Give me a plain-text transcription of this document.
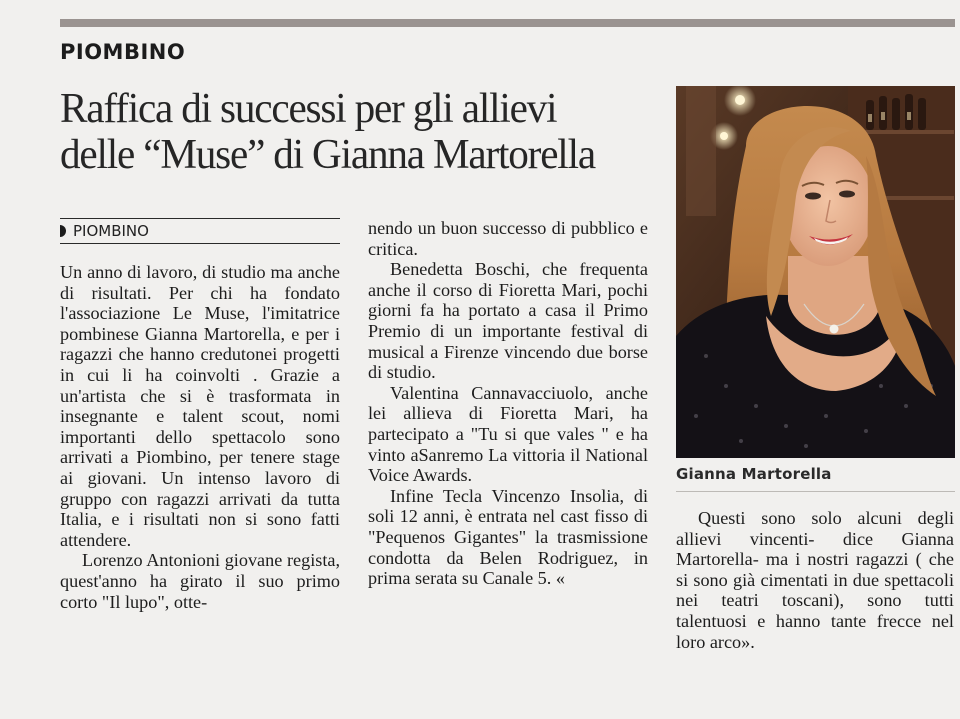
PIOMBINO
Raffica di successi per gli allievi
delle “Muse” di Gianna Martorella
PIOMBINO

Un anno di lavoro, di studio ma anche di risultati. Per chi ha fondato l'associazione Le Muse, l'imitatrice pombinese Gianna Martorella, e per i ragazzi che hanno credutonei progetti in cui li ha coinvolti . Grazie a un'artista che si è trasformata in insegnante e talent scout, nomi importanti dello spettacolo sono arrivati a Piombino, per tenere stage ai giovani. Un intenso lavoro di gruppo con ragazzi arrivati da tutta Italia, e i risultati non si sono fatti attendere.

Lorenzo Antonioni giovane regista, quest'anno ha girato il suo primo corto "Il lupo", otte-

nendo un buon successo di pubblico e critica.

Benedetta Boschi, che frequenta anche il corso di Fioretta Mari, pochi giorni fa ha portato a casa il Primo Premio di un importante festival di musical a Firenze vincendo due borse di studio.

Valentina Cannavacciuolo, anche lei allieva di Fioretta Mari, ha partecipato a "Tu si que vales " e ha vinto aSanremo La vittoria il National Voice Awards.

Infine Tecla Vincenzo Insolia, di soli 12 anni, è entrata nel cast fisso di "Pequenos Gigantes" la trasmissione condotta da Belen Rodriguez, in prima serata su Canale 5. «

Gianna Martorella

Questi sono solo alcuni degli allievi vincenti- dice Gianna Martorella- ma i nostri ragazzi ( che si sono già cimentati in due spettacoli nei teatri toscani), sono tutti talentuosi e hanno tante frecce nel loro arco».
